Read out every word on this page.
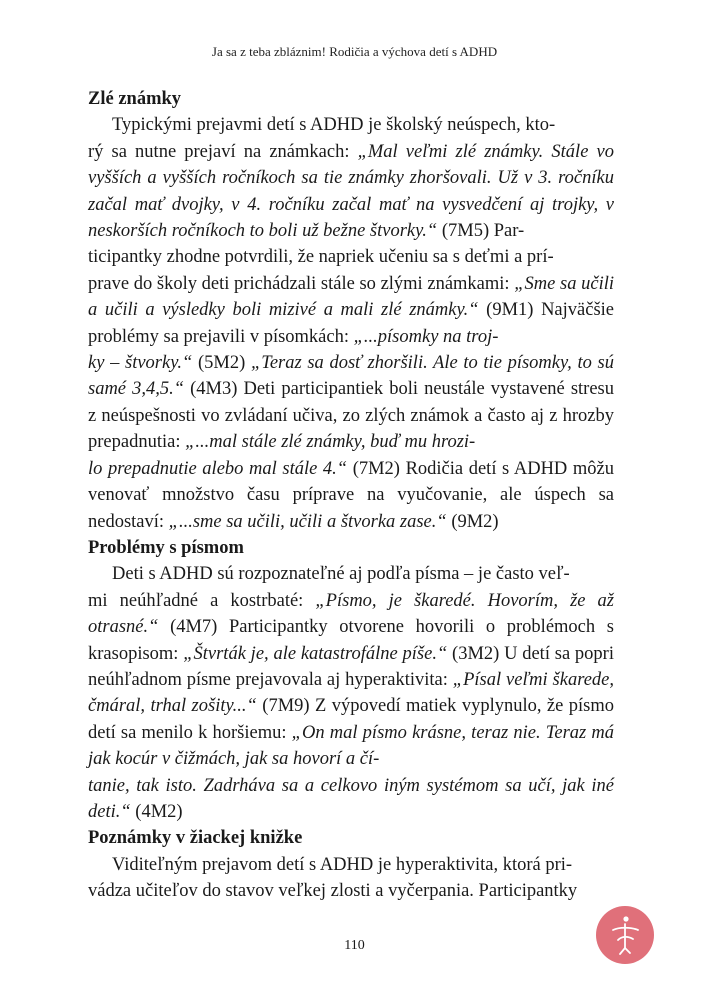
Ja sa z teba zbláznim! Rodičia a výchova detí s ADHD
Zlé známky

Typickými prejavmi detí s ADHD je školský neúspech, kto-
rý sa nutne prejaví na známkach: „Mal veľmi zlé známky. Stále vo vyšších a vyšších ročníkoch sa tie známky zhoršovali. Už v 3. ročníku začal mať dvojky, v 4. ročníku začal mať na vysvedčení aj trojky, v neskorších ročníkoch to boli už bežne štvorky.“ (7M5) Par-
ticipantky zhodne potvrdili, že napriek učeniu sa s deťmi a prí-
prave do školy deti prichádzali stále so zlými známkami: „Sme sa učili a učili a výsledky boli mizivé a mali zlé známky.“ (9M1) Najväčšie problémy sa prejavili v písomkách: „...písomky na troj-
ky – štvorky.“ (5M2) „Teraz sa dosť zhoršili. Ale to tie písomky, to sú samé 3,4,5.“ (4M3) Deti participantiek boli neustále vystavené stresu z neúspešnosti vo zvládaní učiva, zo zlých známok a často aj z hrozby prepadnutia: „...mal stále zlé známky, buď mu hrozi-
lo prepadnutie alebo mal stále 4.“ (7M2) Rodičia detí s ADHD môžu venovať množstvo času príprave na vyučovanie, ale úspech sa nedostaví: „...sme sa učili, učili a štvorka zase.“ (9M2)

Problémy s písmom

Deti s ADHD sú rozpoznateľné aj podľa písma – je často veľ-
mi neúhľadné a kostrbaté: „Písmo, je škaredé. Hovorím, že až otrasné.“ (4M7) Participantky otvorene hovorili o problémoch s krasopisom: „Štvrták je, ale katastrofálne píše.“ (3M2) U detí sa popri neúhľadnom písme prejavovala aj hyperaktivita: „Písal veľmi škarede, čmáral, trhal zošity...“ (7M9) Z výpovedí matiek vyplynulo, že písmo detí sa menilo k horšiemu: „On mal písmo krásne, teraz nie. Teraz má jak kocúr v čižmách, jak sa hovorí a čí-
tanie, tak isto. Zadrháva sa a celkovo iným systémom sa učí, jak iné deti.“ (4M2)

Poznámky v žiackej knižke

Viditeľným prejavom detí s ADHD je hyperaktivita, ktorá pri-
vádza učiteľov do stavov veľkej zlosti a vyčerpania. Participantky

110
